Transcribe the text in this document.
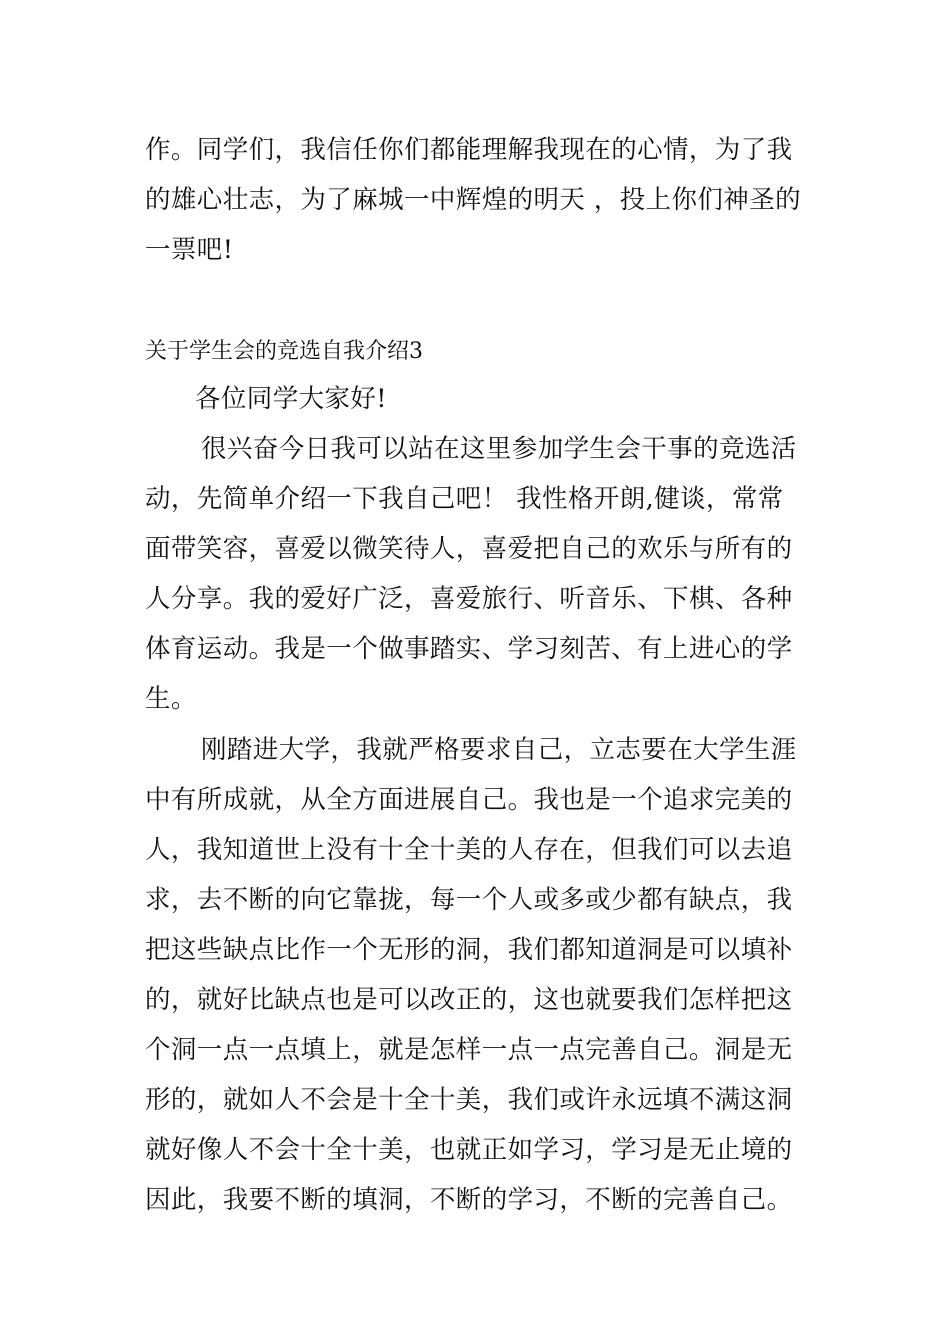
作。同学们，我信任你们都能理解我现在的心情，为了我
的雄心壮志，为了麻城一中辉煌的明天 ，投上你们神圣的
一票吧!
关于学生会的竞选自我介绍3
各位同学大家好!
很兴奋今日我可以站在这里参加学生会干事的竞选活
动，先简单介绍一下我自己吧！ 我性格开朗,健谈，常常
面带笑容，喜爱以微笑待人，喜爱把自己的欢乐与所有的
人分享。我的爱好广泛，喜爱旅行、听音乐、下棋、各种
体育运动。我是一个做事踏实、学习刻苦、有上进心的学
生。
刚踏进大学，我就严格要求自己，立志要在大学生涯
中有所成就，从全方面进展自己。我也是一个追求完美的
人，我知道世上没有十全十美的人存在，但我们可以去追
求，去不断的向它靠拢，每一个人或多或少都有缺点，我
把这些缺点比作一个无形的洞，我们都知道洞是可以填补
的，就好比缺点也是可以改正的，这也就要我们怎样把这
个洞一点一点填上，就是怎样一点一点完善自己。洞是无
形的，就如人不会是十全十美，我们或许永远填不满这洞
就好像人不会十全十美，也就正如学习，学习是无止境的
因此，我要不断的填洞，不断的学习，不断的完善自己。
